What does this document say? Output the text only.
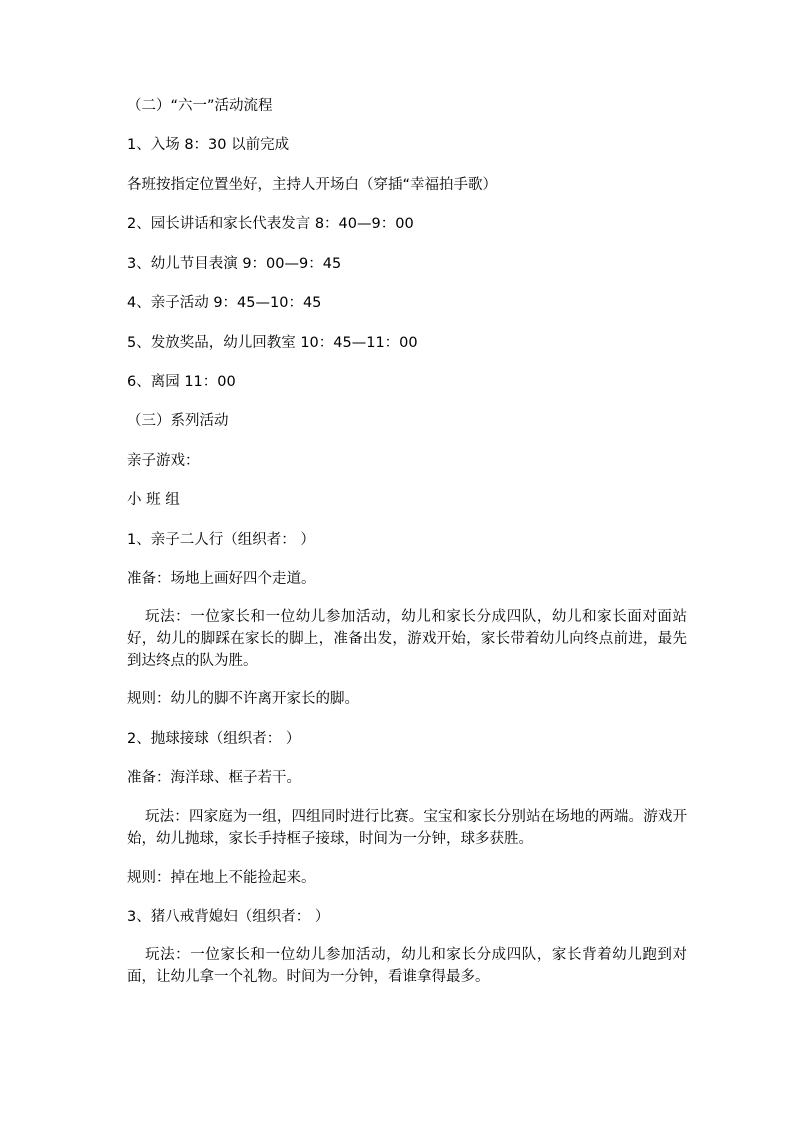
（二）“六一”活动流程
1、入场 8：30 以前完成
各班按指定位置坐好，主持人开场白（穿插“幸福拍手歌）
2、园长讲话和家长代表发言 8：40—9：00
3、幼儿节目表演 9：00—9：45
4、亲子活动 9：45—10：45
5、发放奖品，幼儿回教室 10：45—11：00
6、离园 11：00
（三）系列活动
亲子游戏：
小 班 组
1、亲子二人行（组织者： ）
准备：场地上画好四个走道。
玩法：一位家长和一位幼儿参加活动，幼儿和家长分成四队，幼儿和家长面对面站好，幼儿的脚踩在家长的脚上，准备出发，游戏开始，家长带着幼儿向终点前进，最先到达终点的队为胜。
规则：幼儿的脚不许离开家长的脚。
2、抛球接球（组织者： ）
准备：海洋球、框子若干。
玩法：四家庭为一组，四组同时进行比赛。宝宝和家长分别站在场地的两端。游戏开始，幼儿抛球，家长手持框子接球，时间为一分钟，球多获胜。
规则：掉在地上不能捡起来。
3、猪八戒背媳妇（组织者： ）
玩法：一位家长和一位幼儿参加活动，幼儿和家长分成四队，家长背着幼儿跑到对面，让幼儿拿一个礼物。时间为一分钟，看谁拿得最多。
